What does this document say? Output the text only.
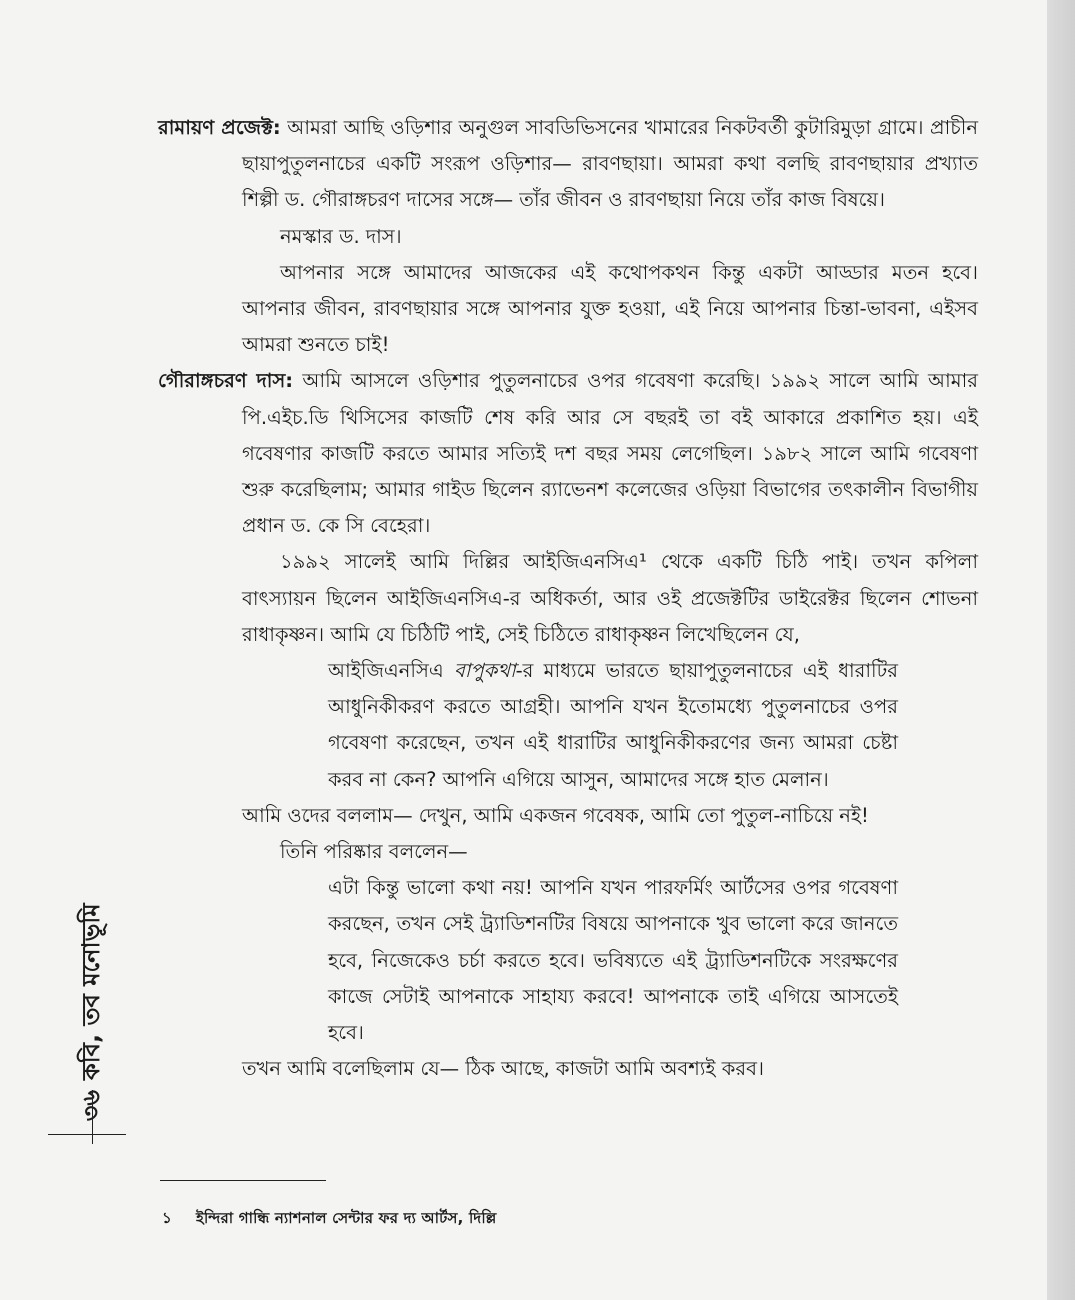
রামায়ণ প্রজেক্ট: আমরা আছি ওড়িশার অনুগুল সাবডিভিসনের খামারের নিকটবর্তী কুটারিমুড়া গ্রামে। প্রাচীন ছায়াপুতুলনাচের একটি সংরূপ ওড়িশার— রাবণছায়া। আমরা কথা বলছি রাবণছায়ার প্রখ্যাত শিল্পী ড. গৌরাঙ্গচরণ দাসের সঙ্গে— তাঁর জীবন ও রাবণছায়া নিয়ে তাঁর কাজ বিষয়ে।

নমস্কার ড. দাস।

আপনার সঙ্গে আমাদের আজকের এই কথোপকথন কিন্তু একটা আড্ডার মতন হবে। আপনার জীবন, রাবণছায়ার সঙ্গে আপনার যুক্ত হওয়া, এই নিয়ে আপনার চিন্তা-ভাবনা, এইসব আমরা শুনতে চাই!

গৌরাঙ্গচরণ দাস: আমি আসলে ওড়িশার পুতুলনাচের ওপর গবেষণা করেছি। ১৯৯২ সালে আমি আমার পি.এইচ.ডি থিসিসের কাজটি শেষ করি আর সে বছরই তা বই আকারে প্রকাশিত হয়। এই গবেষণার কাজটি করতে আমার সত্যিই দশ বছর সময় লেগেছিল। ১৯৮২ সালে আমি গবেষণা শুরু করেছিলাম; আমার গাইড ছিলেন র‍্যাভেনশ কলেজের ওড়িয়া বিভাগের তৎকালীন বিভাগীয় প্রধান ড. কে সি বেহেরা।

১৯৯২ সালেই আমি দিল্লির আইজিএনসিএ¹ থেকে একটি চিঠি পাই। তখন কপিলা বাৎস্যায়ন ছিলেন আইজিএনসিএ-র অধিকর্তা, আর ওই প্রজেক্টটির ডাইরেক্টর ছিলেন শোভনা রাধাকৃষ্ণন। আমি যে চিঠিটি পাই, সেই চিঠিতে রাধাকৃষ্ণন লিখেছিলেন যে,

আইজিএনসিএ বাপুকথা-র মাধ্যমে ভারতে ছায়াপুতুলনাচের এই ধারাটির আধুনিকীকরণ করতে আগ্রহী। আপনি যখন ইতোমধ্যে পুতুলনাচের ওপর গবেষণা করেছেন, তখন এই ধারাটির আধুনিকীকরণের জন্য আমরা চেষ্টা করব না কেন? আপনি এগিয়ে আসুন, আমাদের সঙ্গে হাত মেলান।

আমি ওদের বললাম— দেখুন, আমি একজন গবেষক, আমি তো পুতুল-নাচিয়ে নই!

তিনি পরিষ্কার বললেন—

এটা কিন্তু ভালো কথা নয়! আপনি যখন পারফর্মিং আর্টসের ওপর গবেষণা করছেন, তখন সেই ট্র্যাডিশনটির বিষয়ে আপনাকে খুব ভালো করে জানতে হবে, নিজেকেও চর্চা করতে হবে। ভবিষ্যতে এই ট্র্যাডিশনটিকে সংরক্ষণের কাজে সেটাই আপনাকে সাহায্য করবে! আপনাকে তাই এগিয়ে আসতেই হবে।

তখন আমি বলেছিলাম যে— ঠিক আছে, কাজটা আমি অবশ্যই করব।

১ ইন্দিরা গান্ধি ন্যাশনাল সেন্টার ফর দ্য আর্টস, দিল্লি
কবি, তব মনোভূমি
৩৬
